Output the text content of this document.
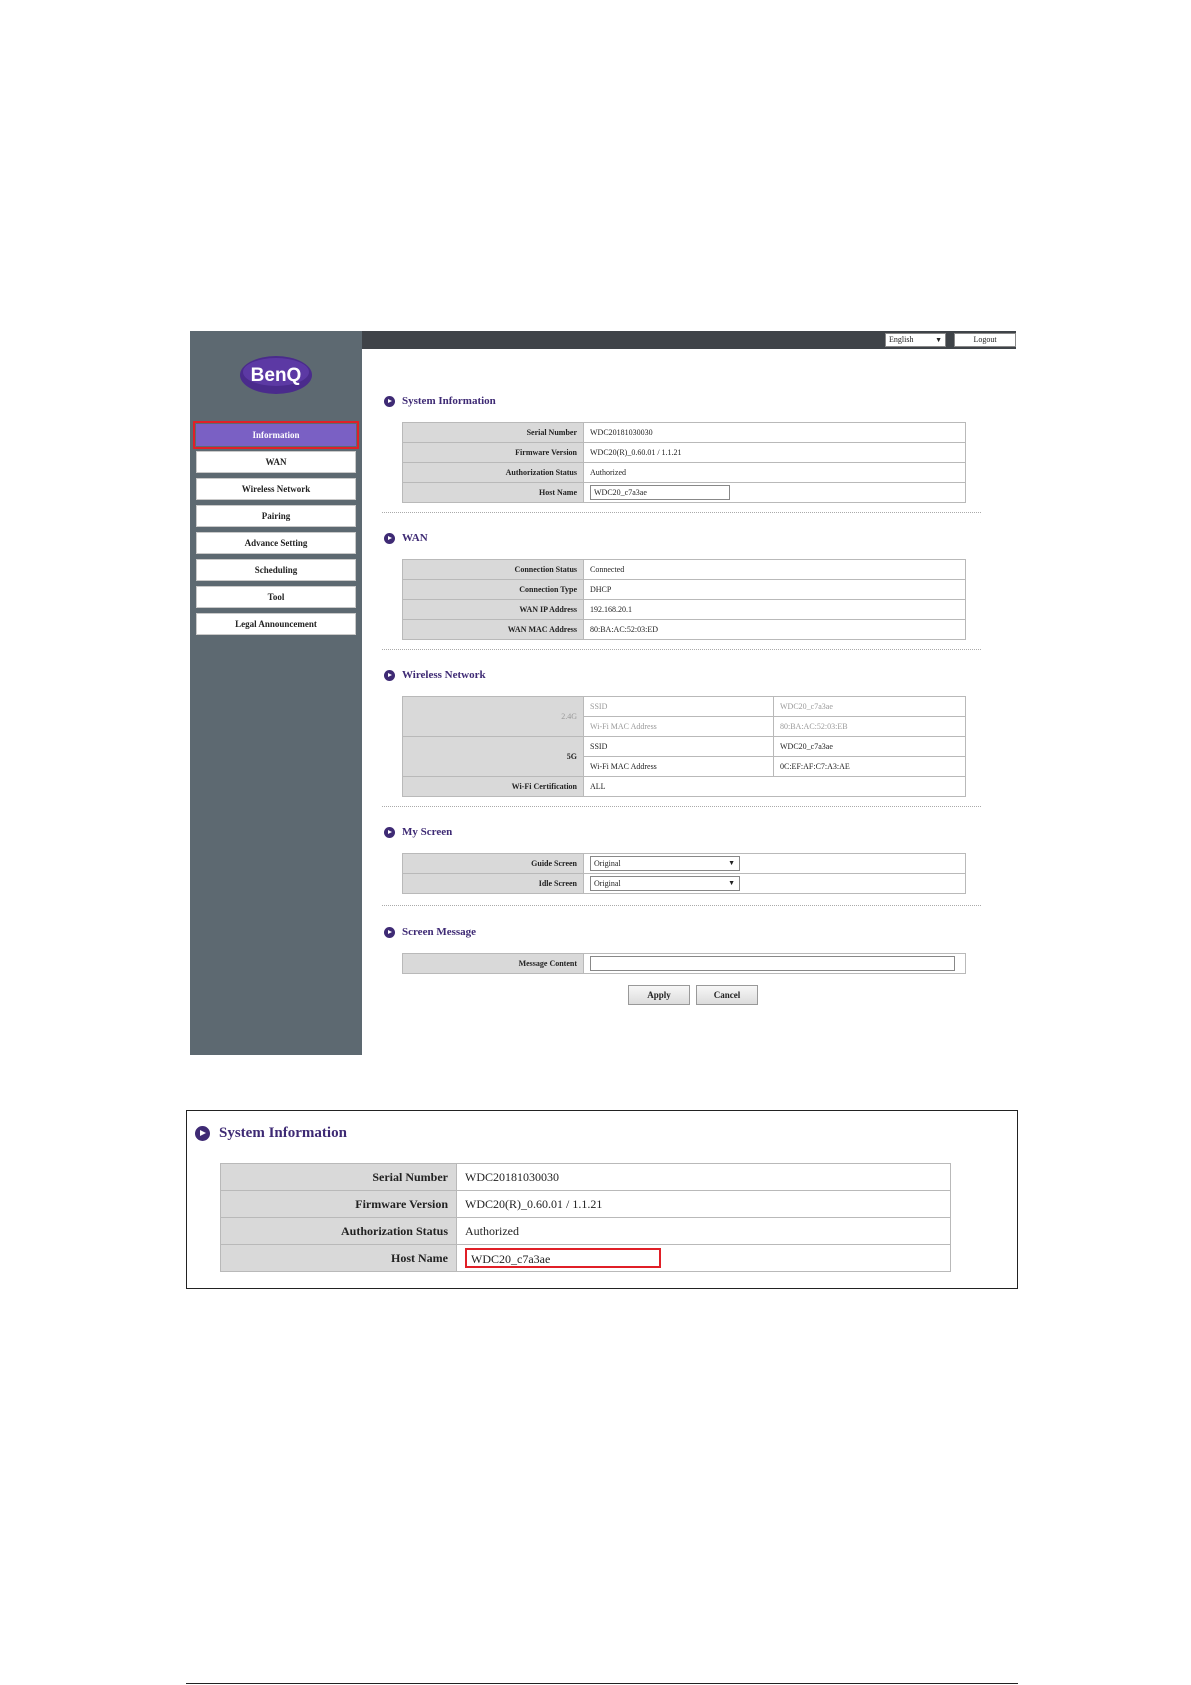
BenQ
Information
WAN
Wireless Network
Pairing
Advance Setting
Scheduling
Tool
Legal Announcement
English	▼	Logout
System Information
Serial Number	WDC20181030030
Firmware Version	WDC20(R)_0.60.01 / 1.1.21
Authorization Status	Authorized
Host Name	WDC20_c7a3ae
WAN
Connection Status	Connected
Connection Type	DHCP
WAN IP Address	192.168.20.1
WAN MAC Address	80:BA:AC:52:03:ED
Wireless Network
2.4G	SSID	WDC20_c7a3ae
	Wi-Fi MAC Address	80:BA:AC:52:03:EB
5G	SSID	WDC20_c7a3ae
	Wi-Fi MAC Address	0C:EF:AF:C7:A3:AE
Wi-Fi Certification	ALL	
My Screen
Guide Screen	Original ▼

Idle Screen	Original ▼
Screen Message
Message Content	
Apply	Cancel
System Information
Serial Number	WDC20181030030
Firmware Version	WDC20(R)_0.60.01 / 1.1.21
Authorization Status	Authorized
Host Name	WDC20_c7a3ae
